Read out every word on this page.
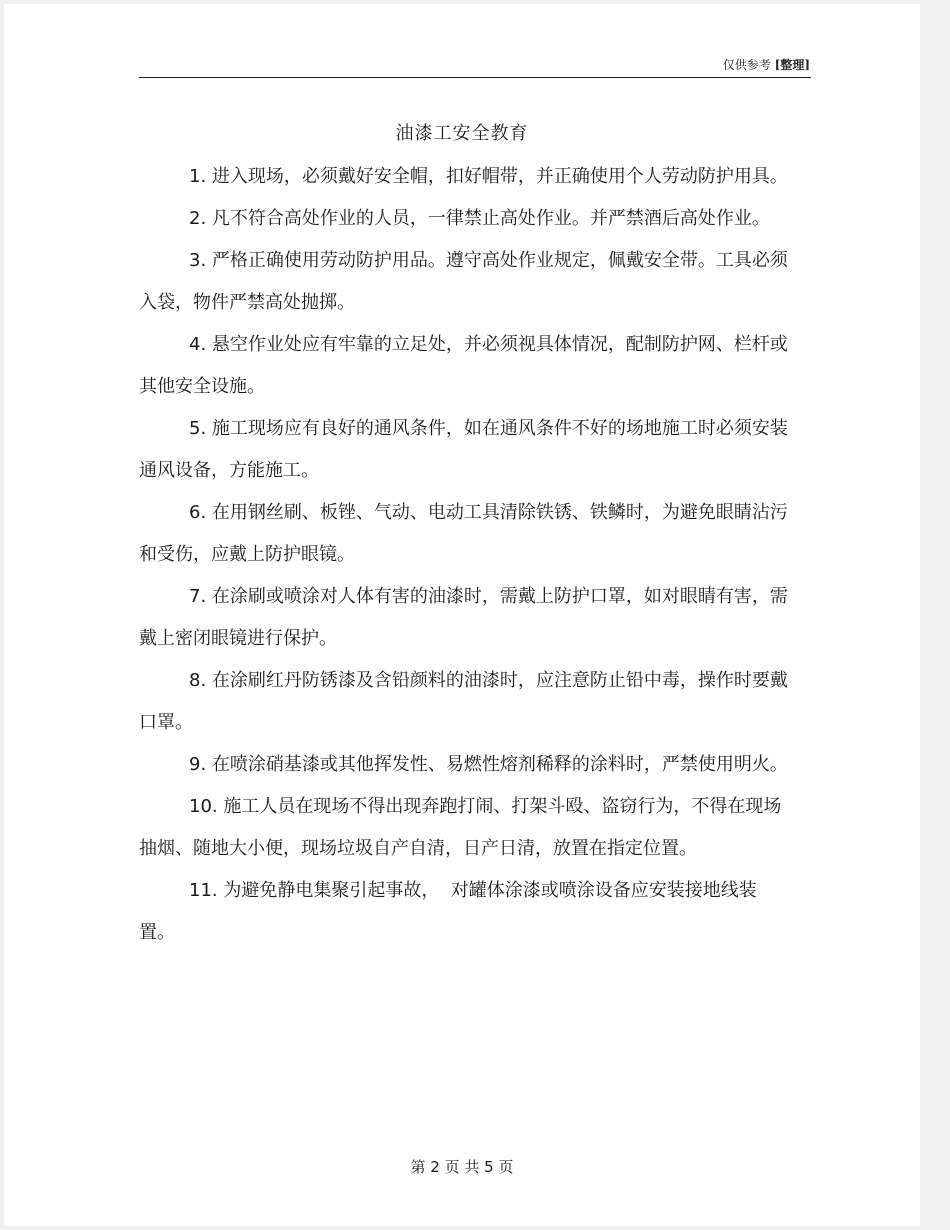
仅供参考 [整理]
油漆工安全教育

1. 进入现场，必须戴好安全帽，扣好帽带，并正确使用个人劳动防护用具。

2. 凡不符合高处作业的人员，一律禁止高处作业。并严禁酒后高处作业。

3. 严格正确使用劳动防护用品。遵守高处作业规定，佩戴安全带。工具必须入袋，物件严禁高处抛掷。

4. 悬空作业处应有牢靠的立足处，并必须视具体情况，配制防护网、栏杆或其他安全设施。

5. 施工现场应有良好的通风条件，如在通风条件不好的场地施工时必须安装通风设备，方能施工。

6. 在用钢丝刷、板锉、气动、电动工具清除铁锈、铁鳞时，为避免眼睛沾污和受伤，应戴上防护眼镜。

7. 在涂刷或喷涂对人体有害的油漆时，需戴上防护口罩，如对眼睛有害，需戴上密闭眼镜进行保护。

8. 在涂刷红丹防锈漆及含铅颜料的油漆时，应注意防止铅中毒，操作时要戴口罩。

9. 在喷涂硝基漆或其他挥发性、易燃性熔剂稀释的涂料时，严禁使用明火。

10. 施工人员在现场不得出现奔跑打闹、打架斗殴、盗窃行为，不得在现场抽烟、随地大小便，现场垃圾自产自清，日产日清，放置在指定位置。

11. 为避免静电集聚引起事故，  对罐体涂漆或喷涂设备应安装接地线装置。

第 2 页 共 5 页
